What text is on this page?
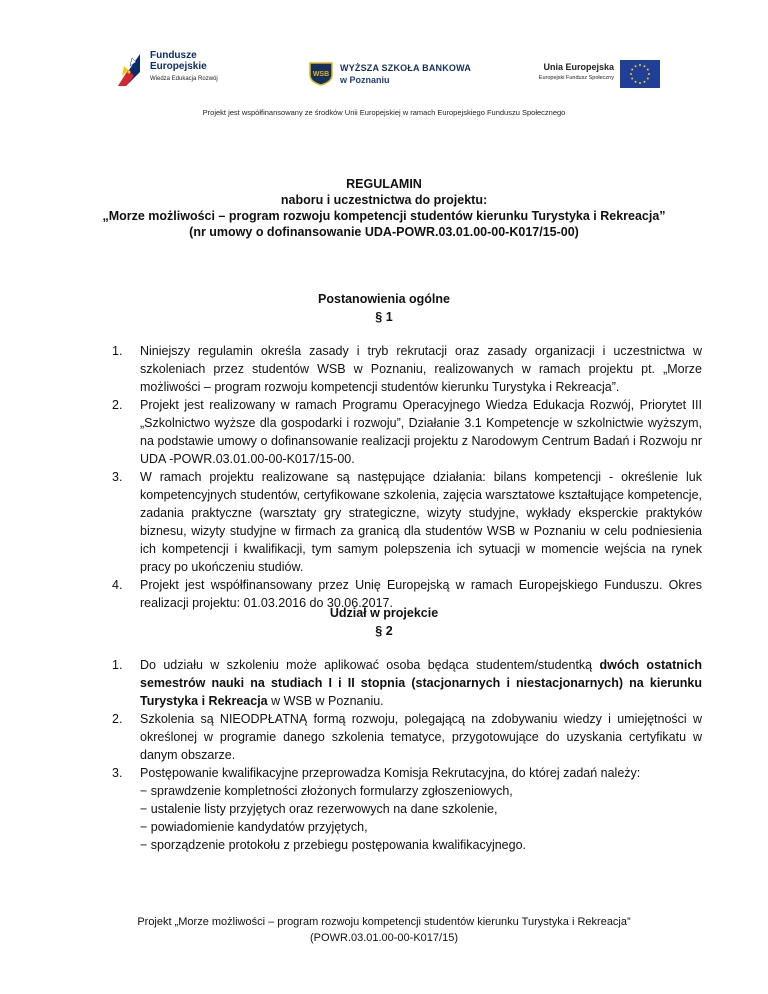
Fundusze
Europejskie
Wiedza Edukacja Rozwój
WSB
WYŻSZA SZKOŁA BANKOWA
w Poznaniu
Unia Europejska
Europejski Fundusz Społeczny
Projekt jest współfinansowany ze środków Unii Europejskiej w ramach Europejskiego Funduszu Społecznego
REGULAMIN
naboru i uczestnictwa do projektu:
„Morze możliwości – program rozwoju kompetencji studentów kierunku Turystyka i Rekreacja”
(nr umowy o dofinansowanie UDA-POWR.03.01.00-00-K017/15-00)
Postanowienia ogólne
§ 1
1. Niniejszy regulamin określa zasady i tryb rekrutacji oraz zasady organizacji i uczestnictwa w szkoleniach przez studentów WSB w Poznaniu, realizowanych w ramach projektu pt. „Morze możliwości – program rozwoju kompetencji studentów kierunku Turystyka i Rekreacja”.
2. Projekt jest realizowany w ramach Programu Operacyjnego Wiedza Edukacja Rozwój, Priorytet III „Szkolnictwo wyższe dla gospodarki i rozwoju”, Działanie 3.1 Kompetencje w szkolnictwie wyższym, na podstawie umowy o dofinansowanie realizacji projektu z Narodowym Centrum Badań i Rozwoju nr UDA -POWR.03.01.00-00-K017/15-00.
3. W ramach projektu realizowane są następujące działania: bilans kompetencji - określenie luk kompetencyjnych studentów, certyfikowane szkolenia, zajęcia warsztatowe kształtujące kompetencje, zadania praktyczne (warsztaty gry strategiczne, wizyty studyjne, wykłady eksperckie praktyków biznesu, wizyty studyjne w firmach za granicą dla studentów WSB w Poznaniu w celu podniesienia ich kompetencji i kwalifikacji, tym samym polepszenia ich sytuacji w momencie wejścia na rynek pracy po ukończeniu studiów.
4. Projekt jest współfinansowany przez Unię Europejską w ramach Europejskiego Funduszu. Okres realizacji projektu: 01.03.2016 do 30.06.2017.
Udział w projekcie
§ 2
1. Do udziału w szkoleniu może aplikować osoba będąca studentem/studentką dwóch ostatnich semestrów nauki na studiach I i II stopnia (stacjonarnych i niestacjonarnych) na kierunku Turystyka i Rekreacja w WSB w Poznaniu.
2. Szkolenia są NIEODPŁATNĄ formą rozwoju, polegającą na zdobywaniu wiedzy i umiejętności w określonej w programie danego szkolenia tematyce, przygotowujące do uzyskania certyfikatu w danym obszarze.
3. Postępowanie kwalifikacyjne przeprowadza Komisja Rekrutacyjna, do której zadań należy:
− sprawdzenie kompletności złożonych formularzy zgłoszeniowych,
− ustalenie listy przyjętych oraz rezerwowych na dane szkolenie,
− powiadomienie kandydatów przyjętych,
− sporządzenie protokołu z przebiegu postępowania kwalifikacyjnego.
Projekt „Morze możliwości – program rozwoju kompetencji studentów kierunku Turystyka i Rekreacja”
(POWR.03.01.00-00-K017/15)
